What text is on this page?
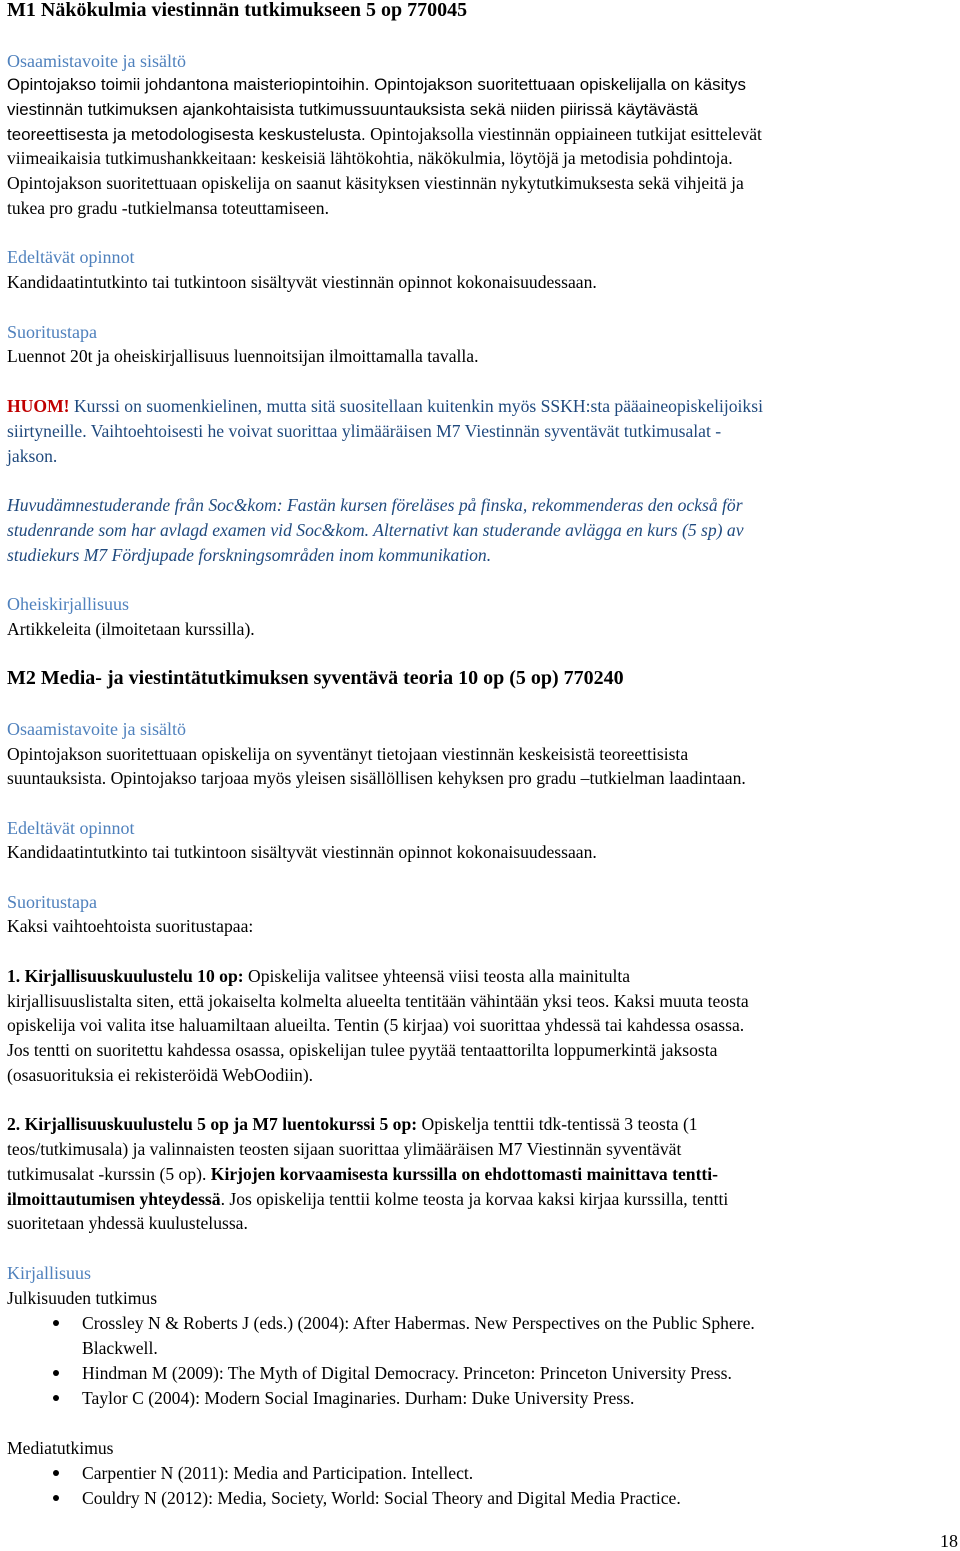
M1 Näkökulmia viestinnän tutkimukseen 5 op 770045
Osaamistavoite ja sisältö
Opintojakso toimii johdantona maisteriopintoihin. Opintojakson suoritettuaan opiskelijalla on käsitys
viestinnän tutkimuksen ajankohtaisista tutkimussuuntauksista sekä niiden piirissä käytävästä
teoreettisesta ja metodologisesta keskustelusta. Opintojaksolla viestinnän oppiaineen tutkijat esittelevät
viimeaikaisia tutkimushankkeitaan: keskeisiä lähtökohtia, näkökulmia, löytöjä ja metodisia pohdintoja.
Opintojakson suoritettuaan opiskelija on saanut käsityksen viestinnän nykytutkimuksesta sekä vihjeitä ja
tukea pro gradu -tutkielmansa toteuttamiseen.
Edeltävät opinnot
Kandidaatintutkinto tai tutkintoon sisältyvät viestinnän opinnot kokonaisuudessaan.
Suoritustapa
Luennot 20t ja oheiskirjallisuus luennoitsijan ilmoittamalla tavalla.
HUOM! Kurssi on suomenkielinen, mutta sitä suositellaan kuitenkin myös SSKH:sta pääaineopiskelijoiksi
siirtyneille. Vaihtoehtoisesti he voivat suorittaa ylimääräisen M7 Viestinnän syventävät tutkimusalat -
jakson.
Huvudämnestuderande från Soc&kom: Fastän kursen föreläses på finska, rekommenderas den också för
studenrande som har avlagd examen vid Soc&kom. Alternativt kan studerande avlägga en kurs (5 sp) av
studiekurs M7 Fördjupade forskningsområden inom kommunikation.
Oheiskirjallisuus
Artikkeleita (ilmoitetaan kurssilla).
M2 Media- ja viestintätutkimuksen syventävä teoria 10 op (5 op) 770240
Osaamistavoite ja sisältö
Opintojakson suoritettuaan opiskelija on syventänyt tietojaan viestinnän keskeisistä teoreettisista
suuntauksista. Opintojakso tarjoaa myös yleisen sisällöllisen kehyksen pro gradu –tutkielman laadintaan.
Edeltävät opinnot
Kandidaatintutkinto tai tutkintoon sisältyvät viestinnän opinnot kokonaisuudessaan.
Suoritustapa
Kaksi vaihtoehtoista suoritustapaa:
1. Kirjallisuuskuulustelu 10 op: Opiskelija valitsee yhteensä viisi teosta alla mainitulta
kirjallisuuslistalta siten, että jokaiselta kolmelta alueelta tentitään vähintään yksi teos. Kaksi muuta teosta
opiskelija voi valita itse haluamiltaan alueilta. Tentin (5 kirjaa) voi suorittaa yhdessä tai kahdessa osassa.
Jos tentti on suoritettu kahdessa osassa, opiskelijan tulee pyytää tentaattorilta loppumerkintä jaksosta
(osasuorituksia ei rekisteröidä WebOodiin).
2. Kirjallisuuskuulustelu 5 op ja M7 luentokurssi 5 op: Opiskelja tenttii tdk-tentissä 3 teosta (1
teos/tutkimusala) ja valinnaisten teosten sijaan suorittaa ylimääräisen M7 Viestinnän syventävät
tutkimusalat -kurssin (5 op). Kirjojen korvaamisesta kurssilla on ehdottomasti mainittava tentti-
ilmoittautumisen yhteydessä. Jos opiskelija tenttii kolme teosta ja korvaa kaksi kirjaa kurssilla, tentti
suoritetaan yhdessä kuulustelussa.
Kirjallisuus
Julkisuuden tutkimus
Crossley N & Roberts J (eds.) (2004): After Habermas. New Perspectives on the Public Sphere.
Blackwell.
Hindman M (2009): The Myth of Digital Democracy. Princeton: Princeton University Press.
Taylor C (2004): Modern Social Imaginaries. Durham: Duke University Press.
Mediatutkimus
Carpentier N (2011): Media and Participation. Intellect.
Couldry N (2012): Media, Society, World: Social Theory and Digital Media Practice.
18
